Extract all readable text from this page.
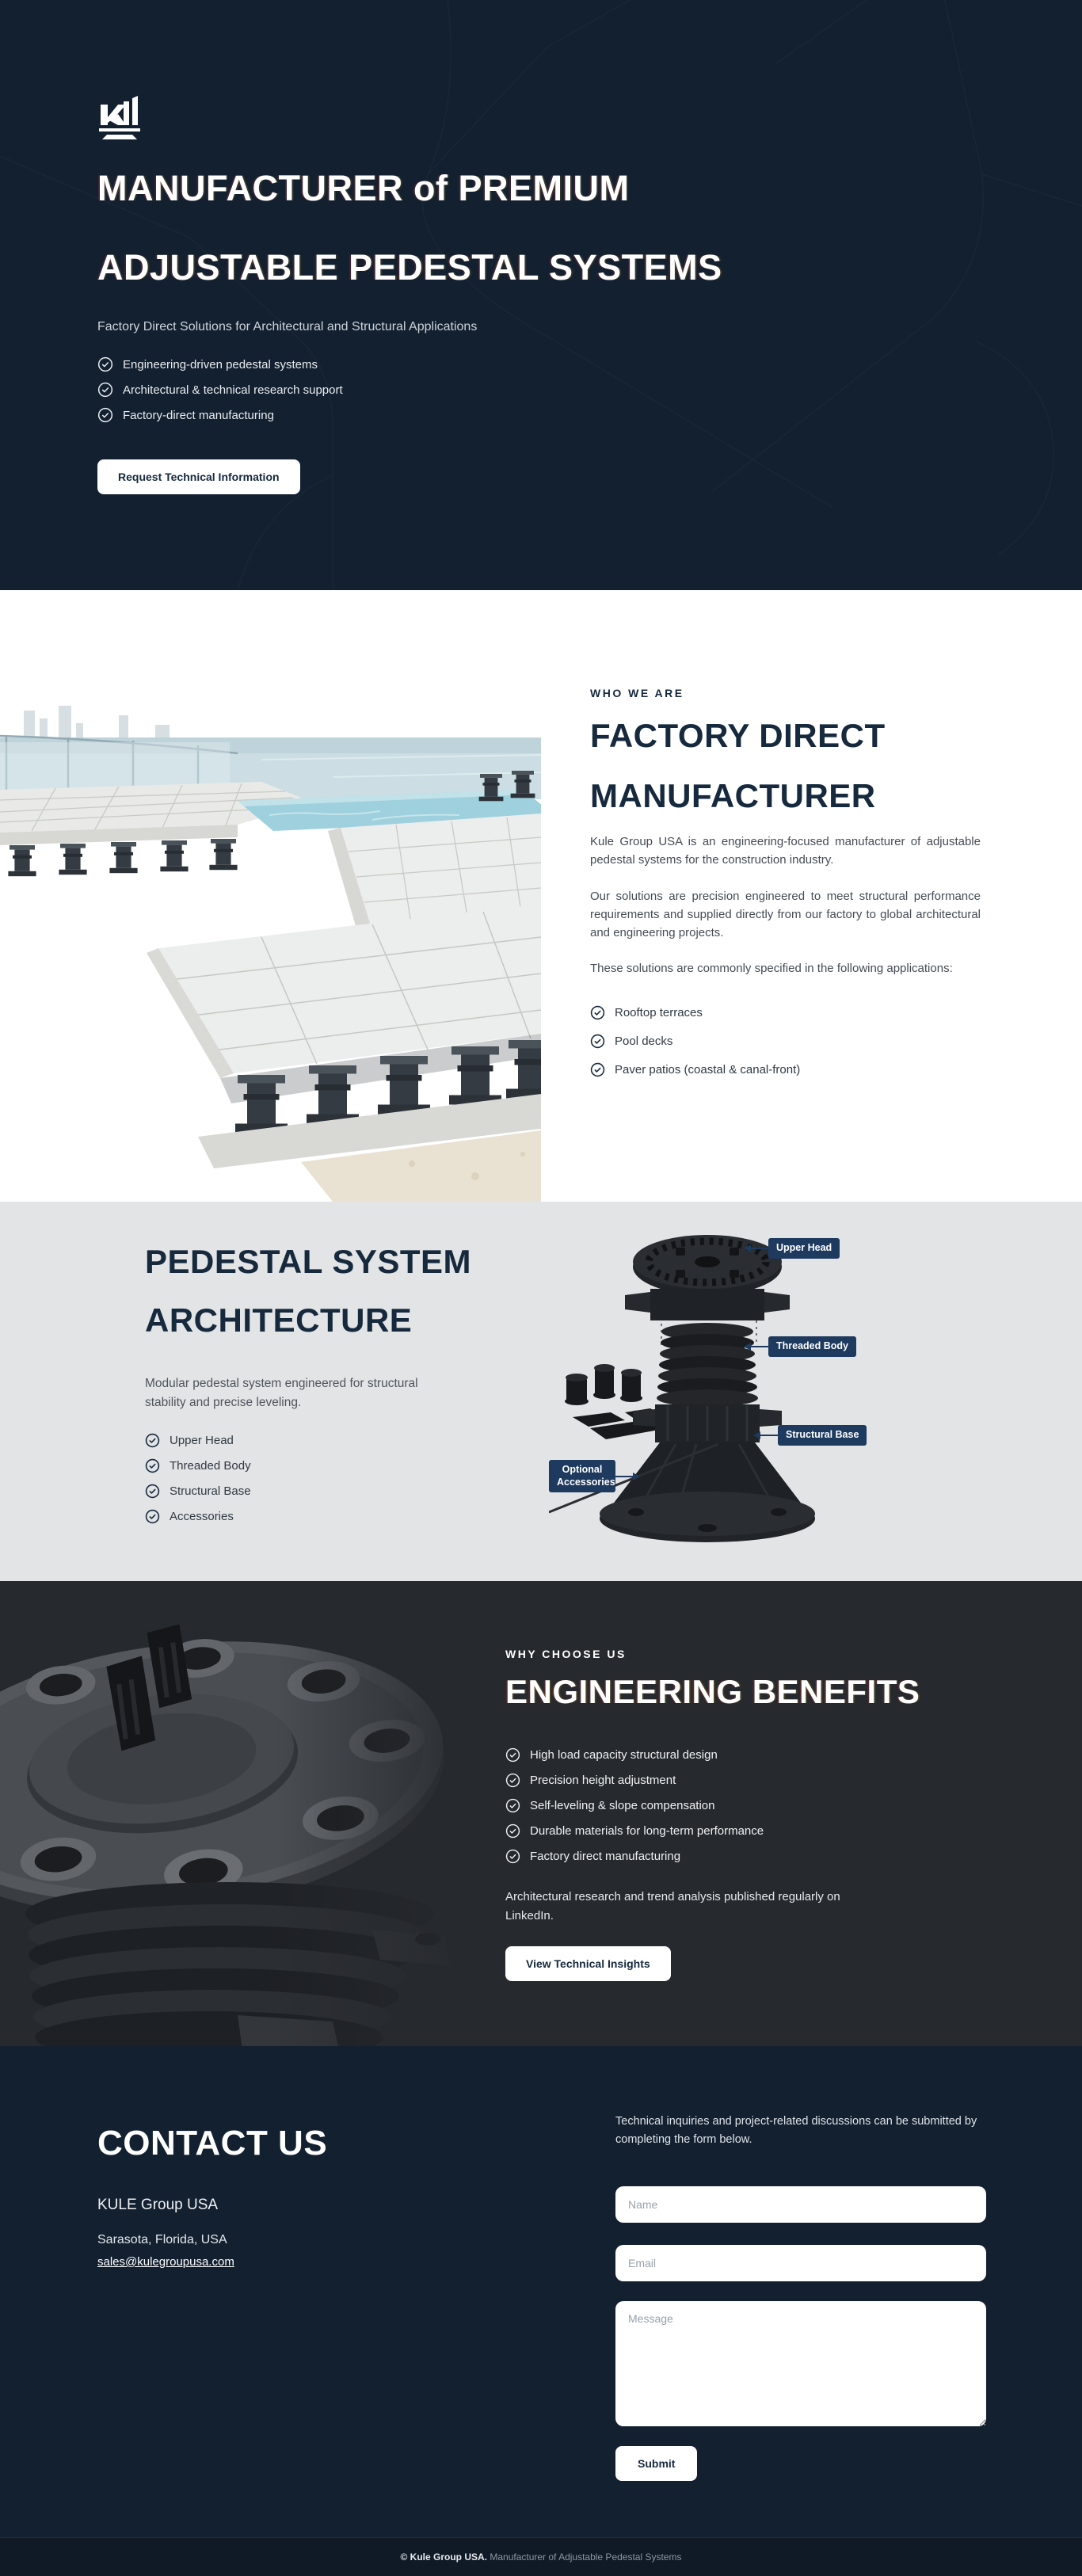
MANUFACTURER of PREMIUM
ADJUSTABLE PEDESTAL SYSTEMS

Factory Direct Solutions for Architectural and Structural Applications

Engineering-driven pedestal systems
Architectural & technical research support
Factory-direct manufacturing
Request Technical Information
WHO WE ARE
FACTORY DIRECT
MANUFACTURER

Kule Group USA is an engineering-focused manufacturer of adjustable pedestal systems for the construction industry.

Our solutions are precision engineered to meet structural performance requirements and supplied directly from our factory to global architectural and engineering projects.

These solutions are commonly specified in the following applications:

Rooftop terraces
Pool decks
Paver patios (coastal & canal-front)
PEDESTAL SYSTEM
ARCHITECTURE

Modular pedestal system engineered for structural stability and precise leveling.

Upper Head
Threaded Body
Structural Base
Accessories
Upper Head
Threaded Body
Structural Base
Optional Accessories
WHY CHOOSE US
ENGINEERING BENEFITS
High load capacity structural design
Precision height adjustment
Self-leveling & slope compensation
Durable materials for long-term performance
Factory direct manufacturing

Architectural research and trend analysis published regularly on LinkedIn.

View Technical Insights
CONTACT US
KULE Group USA
Sarasota, Florida, USA
sales@kulegroupusa.com

Technical inquiries and project-related discussions can be submitted by completing the form below.

Name
Email
Message Submit

© Kule Group USA. Manufacturer of Adjustable Pedestal Systems
